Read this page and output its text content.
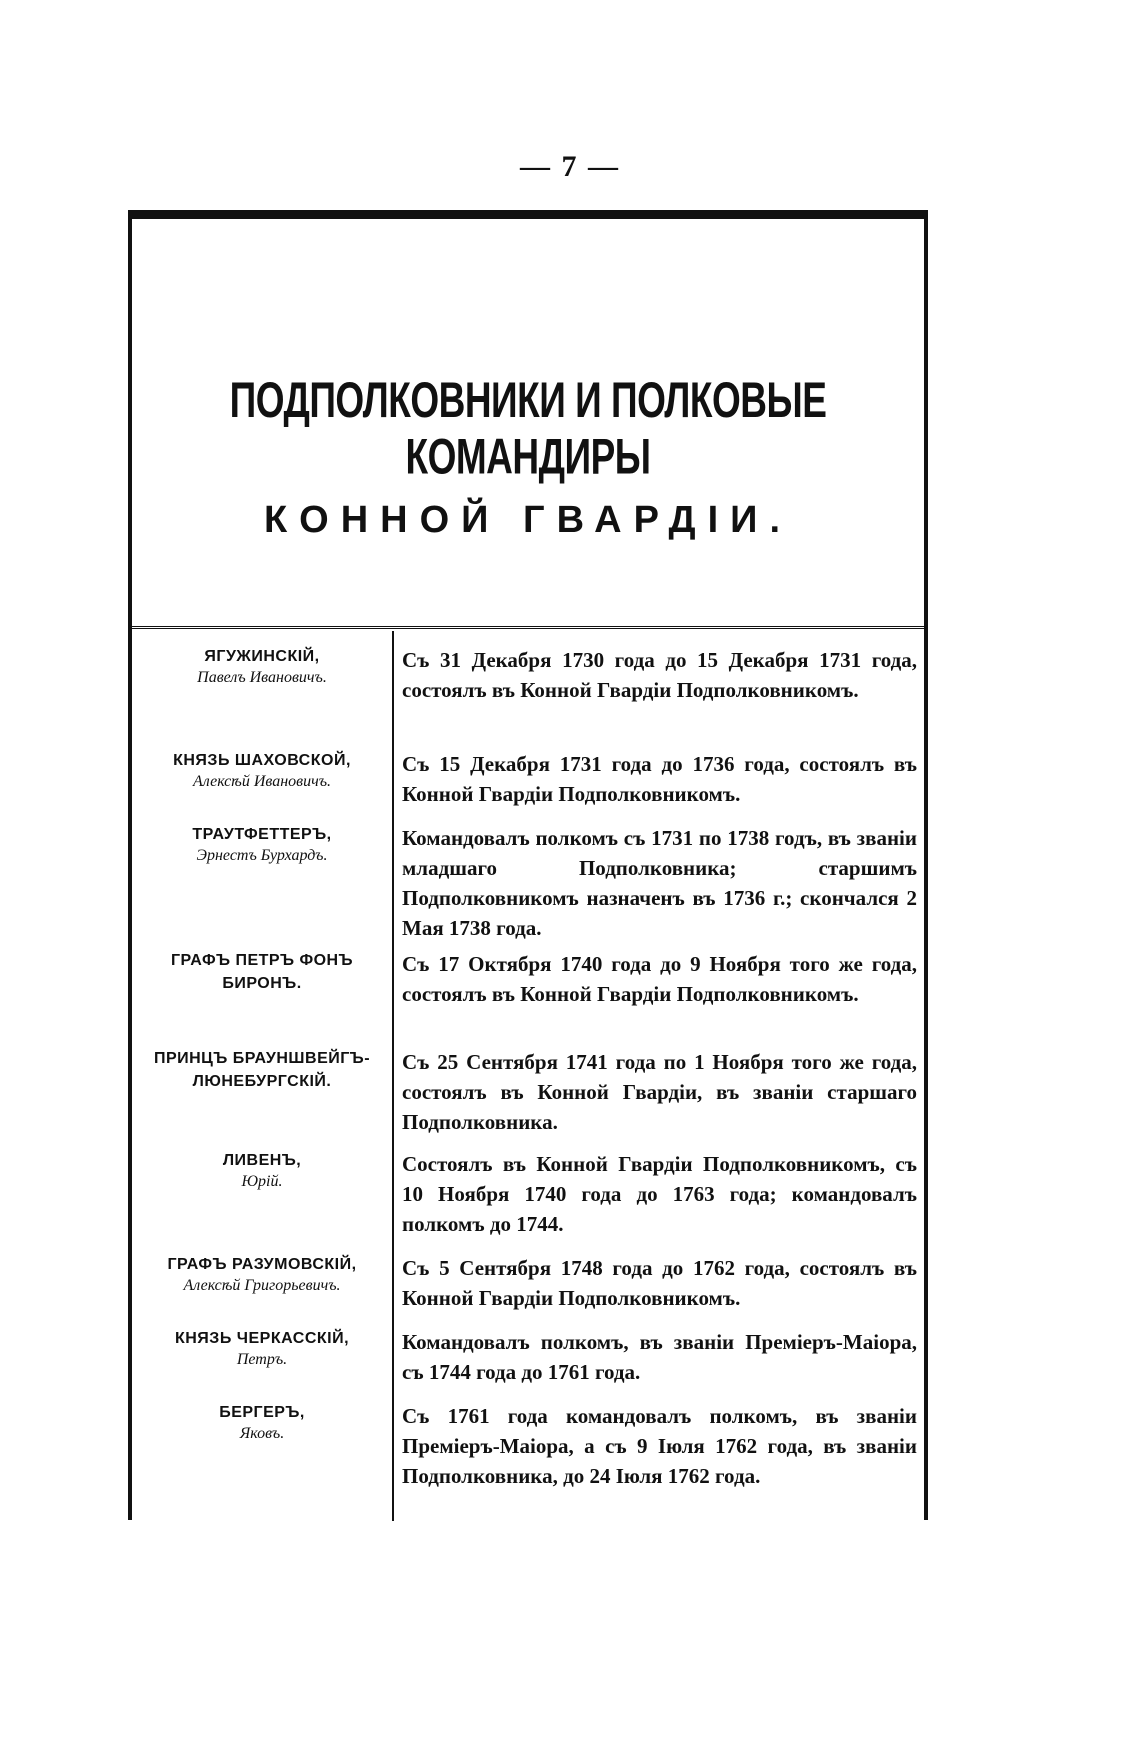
— 7 —
ПОДПОЛКОВНИКИ И ПОЛКОВЫЕ КОМАНДИРЫ
КОННОЙ ГВАРДІИ.
ЯГУЖИНСКІЙ,
Павелъ Ивановичъ.
Съ 31 Декабря 1730 года до 15 Декабря 1731 года, состоялъ въ Конной Гвардіи Подполковникомъ.
КНЯЗЬ ШАХОВСКОЙ,
Алексѣй Ивановичъ.
Съ 15 Декабря 1731 года до 1736 года, состоялъ въ Конной Гвардіи Подполковникомъ.
ТРАУТФЕТТЕРЪ,
Эрнестъ Бурхардъ.
Командовалъ полкомъ съ 1731 по 1738 годъ, въ званіи младшаго Подполковника; старшимъ Подполковникомъ назначенъ въ 1736 г.; скончался 2 Мая 1738 года.
ГРАФЪ ПЕТРЪ ФОНЪ БИРОНЪ.
Съ 17 Октября 1740 года до 9 Ноября того же года, состоялъ въ Конной Гвардіи Подполковникомъ.
ПРИНЦЪ БРАУНШВЕЙГЪ-ЛЮНЕБУРГСКІЙ.
Съ 25 Сентября 1741 года по 1 Ноября того же года, состоялъ въ Конной Гвардіи, въ званіи старшаго Подполковника.
ЛИВЕНЪ,
Юрій.
Состоялъ въ Конной Гвардіи Подполковникомъ, съ 10 Ноября 1740 года до 1763 года; командовалъ полкомъ до 1744.
ГРАФЪ РАЗУМОВСКІЙ,
Алексѣй Григорьевичъ.
Съ 5 Сентября 1748 года до 1762 года, состоялъ въ Конной Гвардіи Подполковникомъ.
КНЯЗЬ ЧЕРКАССКІЙ,
Петръ.
Командовалъ полкомъ, въ званіи Преміеръ-Маіора, съ 1744 года до 1761 года.
БЕРГЕРЪ,
Яковъ.
Съ 1761 года командовалъ полкомъ, въ званіи Преміеръ-Маіора, а съ 9 Іюля 1762 года, въ званіи Подполковника, до 24 Іюля 1762 года.
